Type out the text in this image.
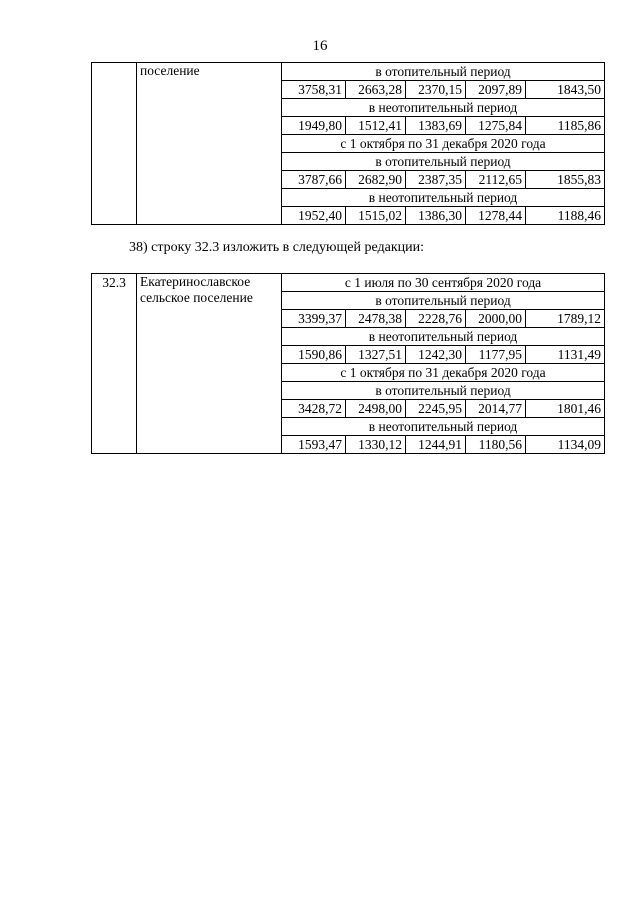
16
	поселение	в отопительный период				
		3758,31	2663,28	2370,15	2097,89	1843,50
		в неотопительный период				
		1949,80	1512,41	1383,69	1275,84	1185,86
		с 1 октября по 31 декабря 2020 года				
		в отопительный период				
		3787,66	2682,90	2387,35	2112,65	1855,83
		в неотопительный период				
		1952,40	1515,02	1386,30	1278,44	1188,46
38) строку 32.3 изложить в следующей редакции:
32.3	Екатеринославское сельское поселение	с 1 июля по 30 сентября 2020 года				
		в отопительный период				
		3399,37	2478,38	2228,76	2000,00	1789,12
		в неотопительный период				
		1590,86	1327,51	1242,30	1177,95	1131,49
		с 1 октября по 31 декабря 2020 года				
		в отопительный период				
		3428,72	2498,00	2245,95	2014,77	1801,46
		в неотопительный период				
		1593,47	1330,12	1244,91	1180,56	1134,09
